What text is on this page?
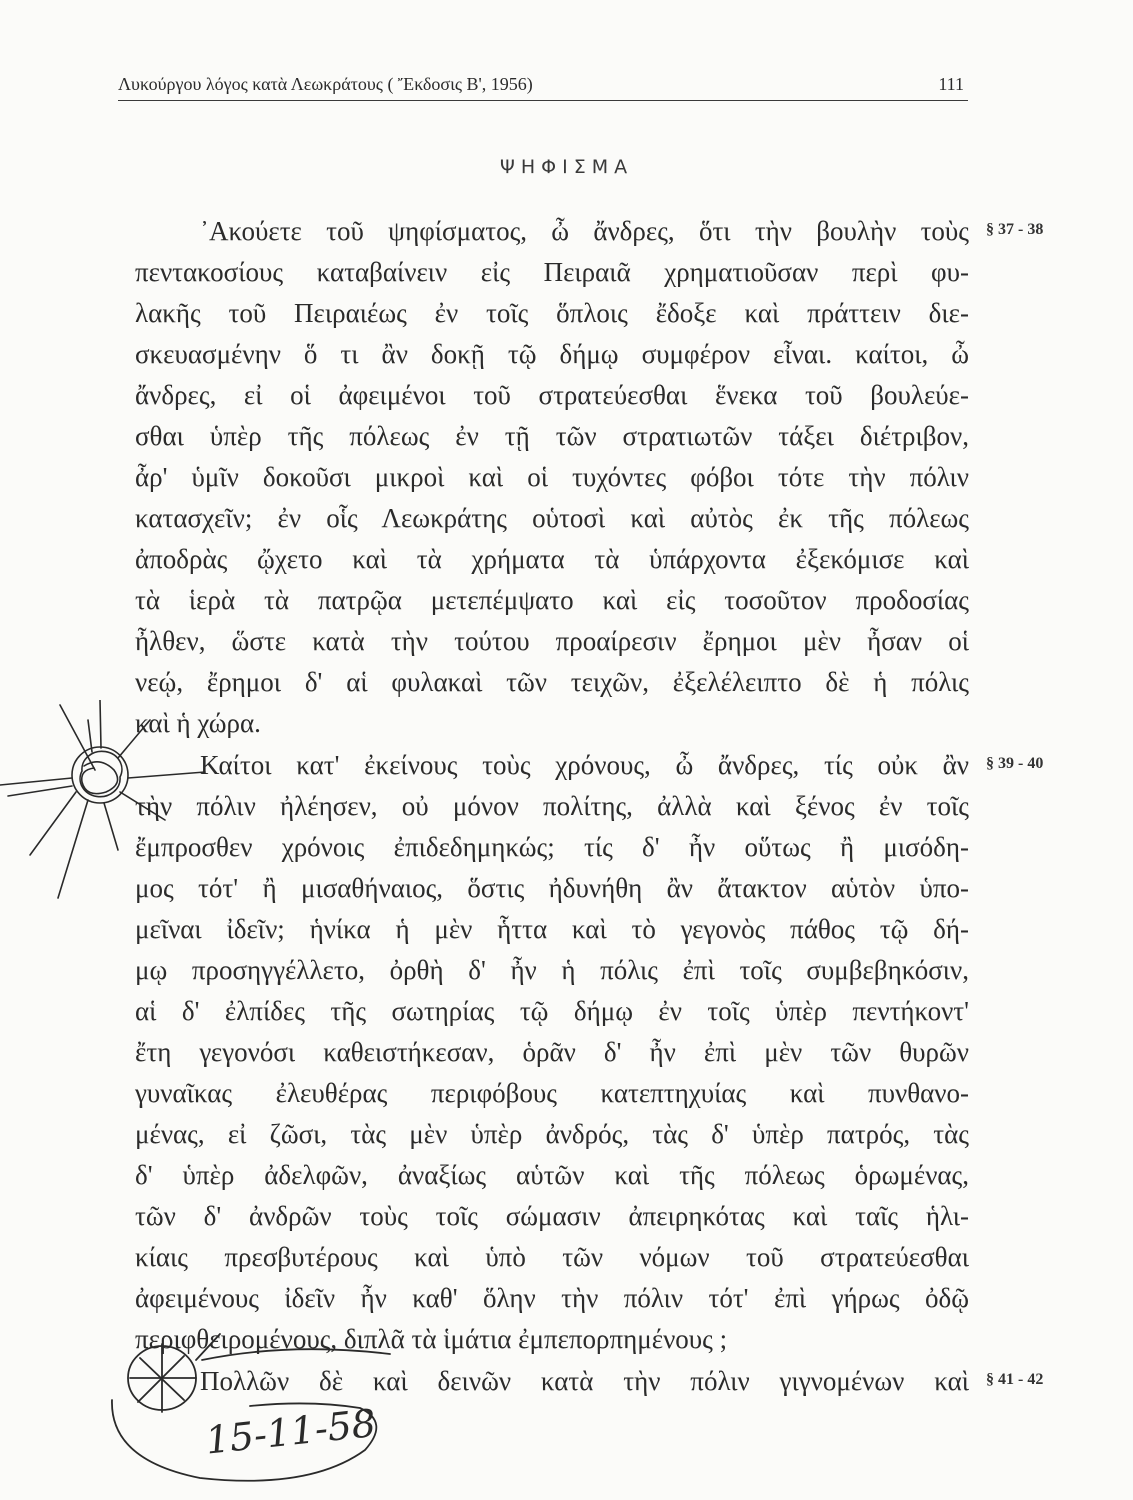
Λυκούργου λόγος κατὰ Λεωκράτους ( Ἔκδοσις Β', 1956)	111
ΨΗΦΙΣΜΑ
᾿Ακούετε τοῦ ψηφίσματος, ὦ ἄνδρες, ὅτι τὴν βουλὴν τοὺς
πεντακοσίους καταβαίνειν εἰς Πειραιᾶ χρηματιοῦσαν περὶ φυ-
λακῆς τοῦ Πειραιέως ἐν τοῖς ὅπλοις ἔδοξε καὶ πράττειν διε-
σκευασμένην ὅ τι ἂν δοκῇ τῷ δήμῳ συμφέρον εἶναι. καίτοι, ὦ
ἄνδρες, εἰ οἱ ἀφειμένοι τοῦ στρατεύεσθαι ἕνεκα τοῦ βουλεύε-
σθαι ὑπὲρ τῆς πόλεως ἐν τῇ τῶν στρατιωτῶν τάξει διέτριβον,
ἆρ' ὑμῖν δοκοῦσι μικροὶ καὶ οἱ τυχόντες φόβοι τότε τὴν πόλιν
κατασχεῖν; ἐν οἷς Λεωκράτης οὑτοσὶ καὶ αὐτὸς ἐκ τῆς πόλεως
ἀποδρὰς ᾤχετο καὶ τὰ χρήματα τὰ ὑπάρχοντα ἐξεκόμισε καὶ
τὰ ἱερὰ τὰ πατρῷα μετεπέμψατο καὶ εἰς τοσοῦτον προδοσίας
ἦλθεν, ὥστε κατὰ τὴν τούτου προαίρεσιν ἔρημοι μὲν ἦσαν οἱ
νεῴ, ἔρημοι δ' αἱ φυλακαὶ τῶν τειχῶν, ἐξελέλειπτο δὲ ἡ πόλις
καὶ ἡ χώρα.
Καίτοι κατ' ἐκείνους τοὺς χρόνους, ὦ ἄνδρες, τίς οὐκ ἂν
τὴν πόλιν ἠλέησεν, οὐ μόνον πολίτης, ἀλλὰ καὶ ξένος ἐν τοῖς
ἔμπροσθεν χρόνοις ἐπιδεδημηκώς; τίς δ' ἦν οὕτως ἢ μισόδη-
μος τότ' ἢ μισαθήναιος, ὅστις ἠδυνήθη ἂν ἄτακτον αὑτὸν ὑπο-
μεῖναι ἰδεῖν; ἡνίκα ἡ μὲν ἧττα καὶ τὸ γεγονὸς πάθος τῷ δή-
μῳ προσηγγέλλετο, ὀρθὴ δ' ἦν ἡ πόλις ἐπὶ τοῖς συμβεβηκόσιν,
αἱ δ' ἐλπίδες τῆς σωτηρίας τῷ δήμῳ ἐν τοῖς ὑπὲρ πεντήκοντ'
ἔτη γεγονόσι καθειστήκεσαν, ὁρᾶν δ' ἦν ἐπὶ μὲν τῶν θυρῶν
γυναῖκας ἐλευθέρας περιφόβους κατεπτηχυίας καὶ πυνθανο-
μένας, εἰ ζῶσι, τὰς μὲν ὑπὲρ ἀνδρός, τὰς δ' ὑπὲρ πατρός, τὰς
δ' ὑπὲρ ἀδελφῶν, ἀναξίως αὑτῶν καὶ τῆς πόλεως ὁρωμένας,
τῶν δ' ἀνδρῶν τοὺς τοῖς σώμασιν ἀπειρηκότας καὶ ταῖς ἡλι-
κίαις πρεσβυτέρους καὶ ὑπὸ τῶν νόμων τοῦ στρατεύεσθαι
ἀφειμένους ἰδεῖν ἦν καθ' ὅλην τὴν πόλιν τότ' ἐπὶ γήρως ὀδῷ
περιφθειρομένους, διπλᾶ τὰ ἱμάτια ἐμπεπορπημένους ;
Πολλῶν δὲ καὶ δεινῶν κατὰ τὴν πόλιν γιγνομένων καὶ
§ 37 - 38
§ 39 - 40
§ 41 - 42
15-11-58
